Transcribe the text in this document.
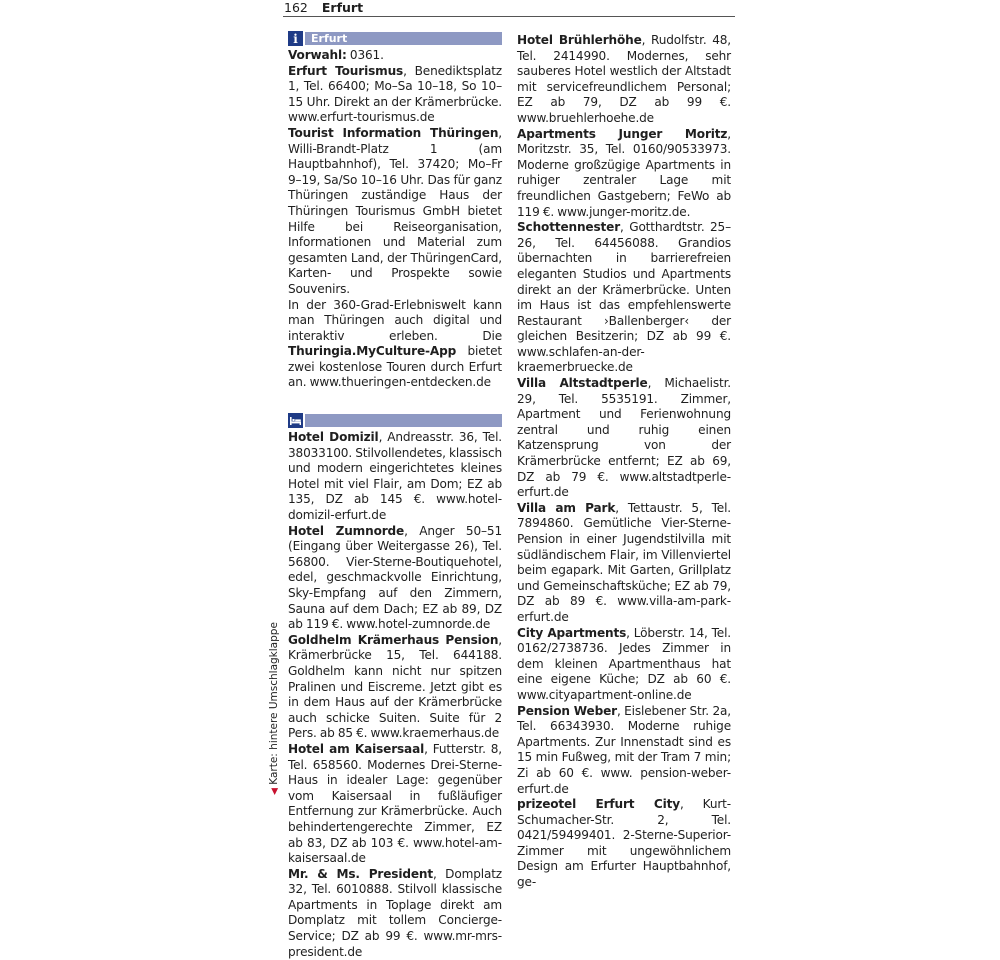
162 Erfurt
◀ Karte: hintere Umschlagklappe
i	Erfurt
Vorwahl: 0361.
Erfurt Tourismus, Benediktsplatz 1, Tel. 66400; Mo–Sa 10–18, So 10–15 Uhr. Direkt an der Krämerbrücke. www.erfurt-tourismus.de
Tourist Information Thüringen, Willi-Brandt-Platz 1 (am Hauptbahnhof), Tel. 37420; Mo–Fr 9–19, Sa/So 10–16 Uhr. Das für ganz Thüringen zuständige Haus der Thüringen Tourismus GmbH bietet Hilfe bei Reiseorganisation, Informationen und Material zum gesamten Land, der ThüringenCard, Karten- und Prospekte sowie Souvenirs.
In der 360-Grad-Erlebniswelt kann man Thüringen auch digital und interaktiv erleben. Die Thuringia.MyCulture-App bietet zwei kostenlose Touren durch Erfurt an. www.thueringen-entdecken.de
Hotel Domizil, Andreasstr. 36, Tel. 38033100. Stilvollendetes, klassisch und modern eingerichtetes kleines Hotel mit viel Flair, am Dom; EZ ab 135, DZ ab 145 €. www.hotel-domizil-erfurt.de
Hotel Zumnorde, Anger 50–51 (Eingang über Weitergasse 26), Tel. 56800. Vier-Sterne-Boutiquehotel, edel, geschmackvolle Einrichtung, Sky-Empfang auf den Zimmern, Sauna auf dem Dach; EZ ab 89, DZ ab 119 €. www.hotel-zumnorde.de
Goldhelm Krämerhaus Pension, Krämerbrücke 15, Tel. 644188. Goldhelm kann nicht nur spitzen Pralinen und Eiscreme. Jetzt gibt es in dem Haus auf der Krämerbrücke auch schicke Suiten. Suite für 2 Pers. ab 85 €. www.kraemerhaus.de
Hotel am Kaisersaal, Futterstr. 8, Tel. 658560. Modernes Drei-Sterne-Haus in idealer Lage: gegenüber vom Kaisersaal in fußläufiger Entfernung zur Krämerbrücke. Auch behindertengerechte Zimmer, EZ ab 83, DZ ab 103 €. www.hotel-am-kaisersaal.de
Mr. & Ms. President, Domplatz 32, Tel. 6010888. Stilvoll klassische Apartments in Toplage direkt am Domplatz mit tollem Concierge-Service; DZ ab 99 €. www.mr-mrs-president.de
Hotel Brühlerhöhe, Rudolfstr. 48, Tel. 2414990. Modernes, sehr sauberes Hotel westlich der Altstadt mit servicefreundlichem Personal; EZ ab 79, DZ ab 99 €. www.bruehlerhoehe.de
Apartments Junger Moritz, Moritzstr. 35, Tel. 0160/90533973. Moderne großzügige Apartments in ruhiger zentraler Lage mit freundlichen Gastgebern; FeWo ab 119 €. www.junger-moritz.de.
Schottennester, Gotthardtstr. 25–26, Tel. 64456088. Grandios übernachten in barrierefreien eleganten Studios und Apartments direkt an der Krämerbrücke. Unten im Haus ist das empfehlenswerte Restaurant ›Ballenberger‹ der gleichen Besitzerin; DZ ab 99 €. www.schlafen-an-der-kraemerbruecke.de
Villa Altstadtperle, Michaelistr. 29, Tel. 5535191. Zimmer, Apartment und Ferienwohnung zentral und ruhig einen Katzensprung von der Krämerbrücke entfernt; EZ ab 69, DZ ab 79 €. www.altstadtperle-erfurt.de
Villa am Park, Tettaustr. 5, Tel. 7894860. Gemütliche Vier-Sterne-Pension in einer Jugendstilvilla mit südländischem Flair, im Villenviertel beim egapark. Mit Garten, Grillplatz und Gemeinschaftsküche; EZ ab 79, DZ ab 89 €. www.villa-am-park-erfurt.de
City Apartments, Löberstr. 14, Tel. 0162/2738736. Jedes Zimmer in dem kleinen Apartmenthaus hat eine eigene Küche; DZ ab 60 €. www.cityapartment-online.de
Pension Weber, Eislebener Str. 2a, Tel. 66343930. Moderne ruhige Apartments. Zur Innenstadt sind es 15 min Fußweg, mit der Tram 7 min; Zi ab 60 €. www. pension-weber-erfurt.de
prizeotel Erfurt City, Kurt-Schumacher-Str. 2, Tel. 0421/59499401. 2-Sterne-Superior-Zimmer mit ungewöhnlichem Design am Erfurter Hauptbahnhof, ge-
